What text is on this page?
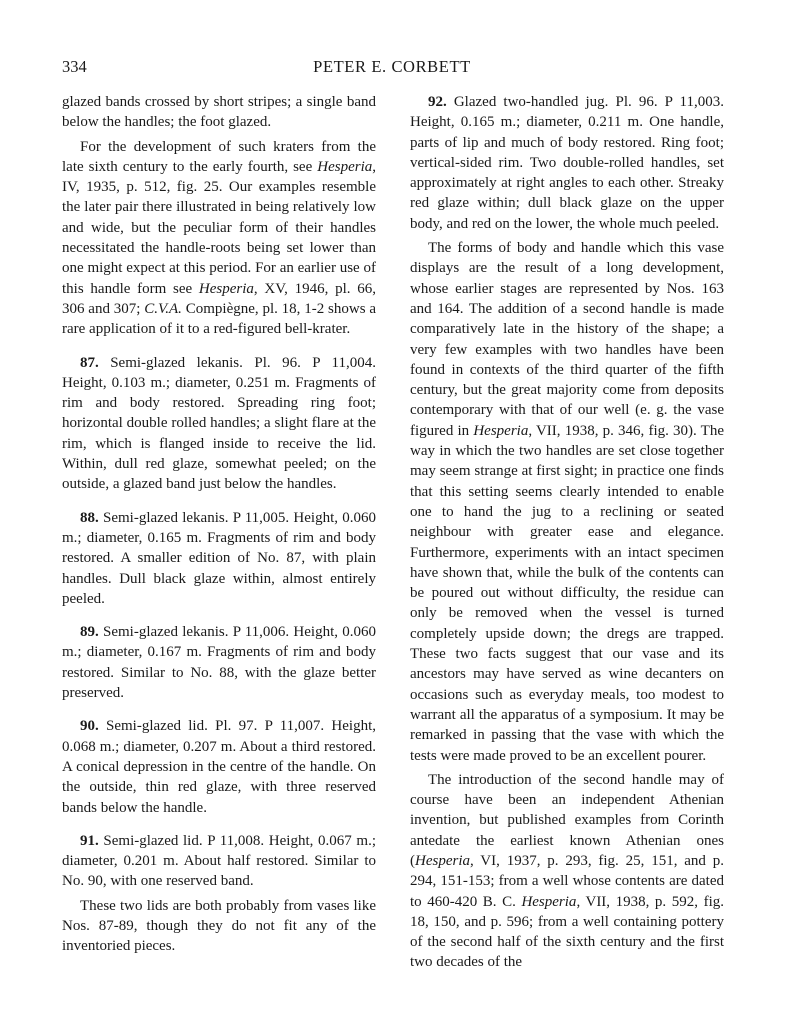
334	PETER E. CORBETT

glazed bands crossed by short stripes; a single band below the handles; the foot glazed.

For the development of such kraters from the late sixth century to the early fourth, see Hesperia, IV, 1935, p. 512, fig. 25. Our examples resemble the later pair there illustrated in being relatively low and wide, but the peculiar form of their handles necessitated the handle-roots being set lower than one might expect at this period. For an earlier use of this handle form see Hesperia, XV, 1946, pl. 66, 306 and 307; C.V.A. Compiègne, pl. 18, 1-2 shows a rare application of it to a red-figured bell-krater.

87. Semi-glazed lekanis. Pl. 96. P 11,004. Height, 0.103 m.; diameter, 0.251 m. Fragments of rim and body restored. Spreading ring foot; horizontal double rolled handles; a slight flare at the rim, which is flanged inside to receive the lid. Within, dull red glaze, somewhat peeled; on the outside, a glazed band just below the handles.

88. Semi-glazed lekanis. P 11,005. Height, 0.060 m.; diameter, 0.165 m. Fragments of rim and body restored. A smaller edition of No. 87, with plain handles. Dull black glaze within, almost entirely peeled.

89. Semi-glazed lekanis. P 11,006. Height, 0.060 m.; diameter, 0.167 m. Fragments of rim and body restored. Similar to No. 88, with the glaze better preserved.

90. Semi-glazed lid. Pl. 97. P 11,007. Height, 0.068 m.; diameter, 0.207 m. About a third restored. A conical depression in the centre of the handle. On the outside, thin red glaze, with three reserved bands below the handle.

91. Semi-glazed lid. P 11,008. Height, 0.067 m.; diameter, 0.201 m. About half restored. Similar to No. 90, with one reserved band.

These two lids are both probably from vases like Nos. 87-89, though they do not fit any of the inventoried pieces.

92. Glazed two-handled jug. Pl. 96. P 11,003. Height, 0.165 m.; diameter, 0.211 m. One handle, parts of lip and much of body restored. Ring foot; vertical-sided rim. Two double-rolled handles, set approximately at right angles to each other. Streaky red glaze within; dull black glaze on the upper body, and red on the lower, the whole much peeled.

The forms of body and handle which this vase displays are the result of a long development, whose earlier stages are represented by Nos. 163 and 164. The addition of a second handle is made comparatively late in the history of the shape; a very few examples with two handles have been found in contexts of the third quarter of the fifth century, but the great majority come from deposits contemporary with that of our well (e. g. the vase figured in Hesperia, VII, 1938, p. 346, fig. 30). The way in which the two handles are set close together may seem strange at first sight; in practice one finds that this setting seems clearly intended to enable one to hand the jug to a reclining or seated neighbour with greater ease and elegance. Furthermore, experiments with an intact specimen have shown that, while the bulk of the contents can be poured out without difficulty, the residue can only be removed when the vessel is turned completely upside down; the dregs are trapped. These two facts suggest that our vase and its ancestors may have served as wine decanters on occasions such as everyday meals, too modest to warrant all the apparatus of a symposium. It may be remarked in passing that the vase with which the tests were made proved to be an excellent pourer.

The introduction of the second handle may of course have been an independent Athenian invention, but published examples from Corinth antedate the earliest known Athenian ones (Hesperia, VI, 1937, p. 293, fig. 25, 151, and p. 294, 151-153; from a well whose contents are dated to 460-420 B. C. Hesperia, VII, 1938, p. 592, fig. 18, 150, and p. 596; from a well containing pottery of the second half of the sixth century and the first two decades of the
